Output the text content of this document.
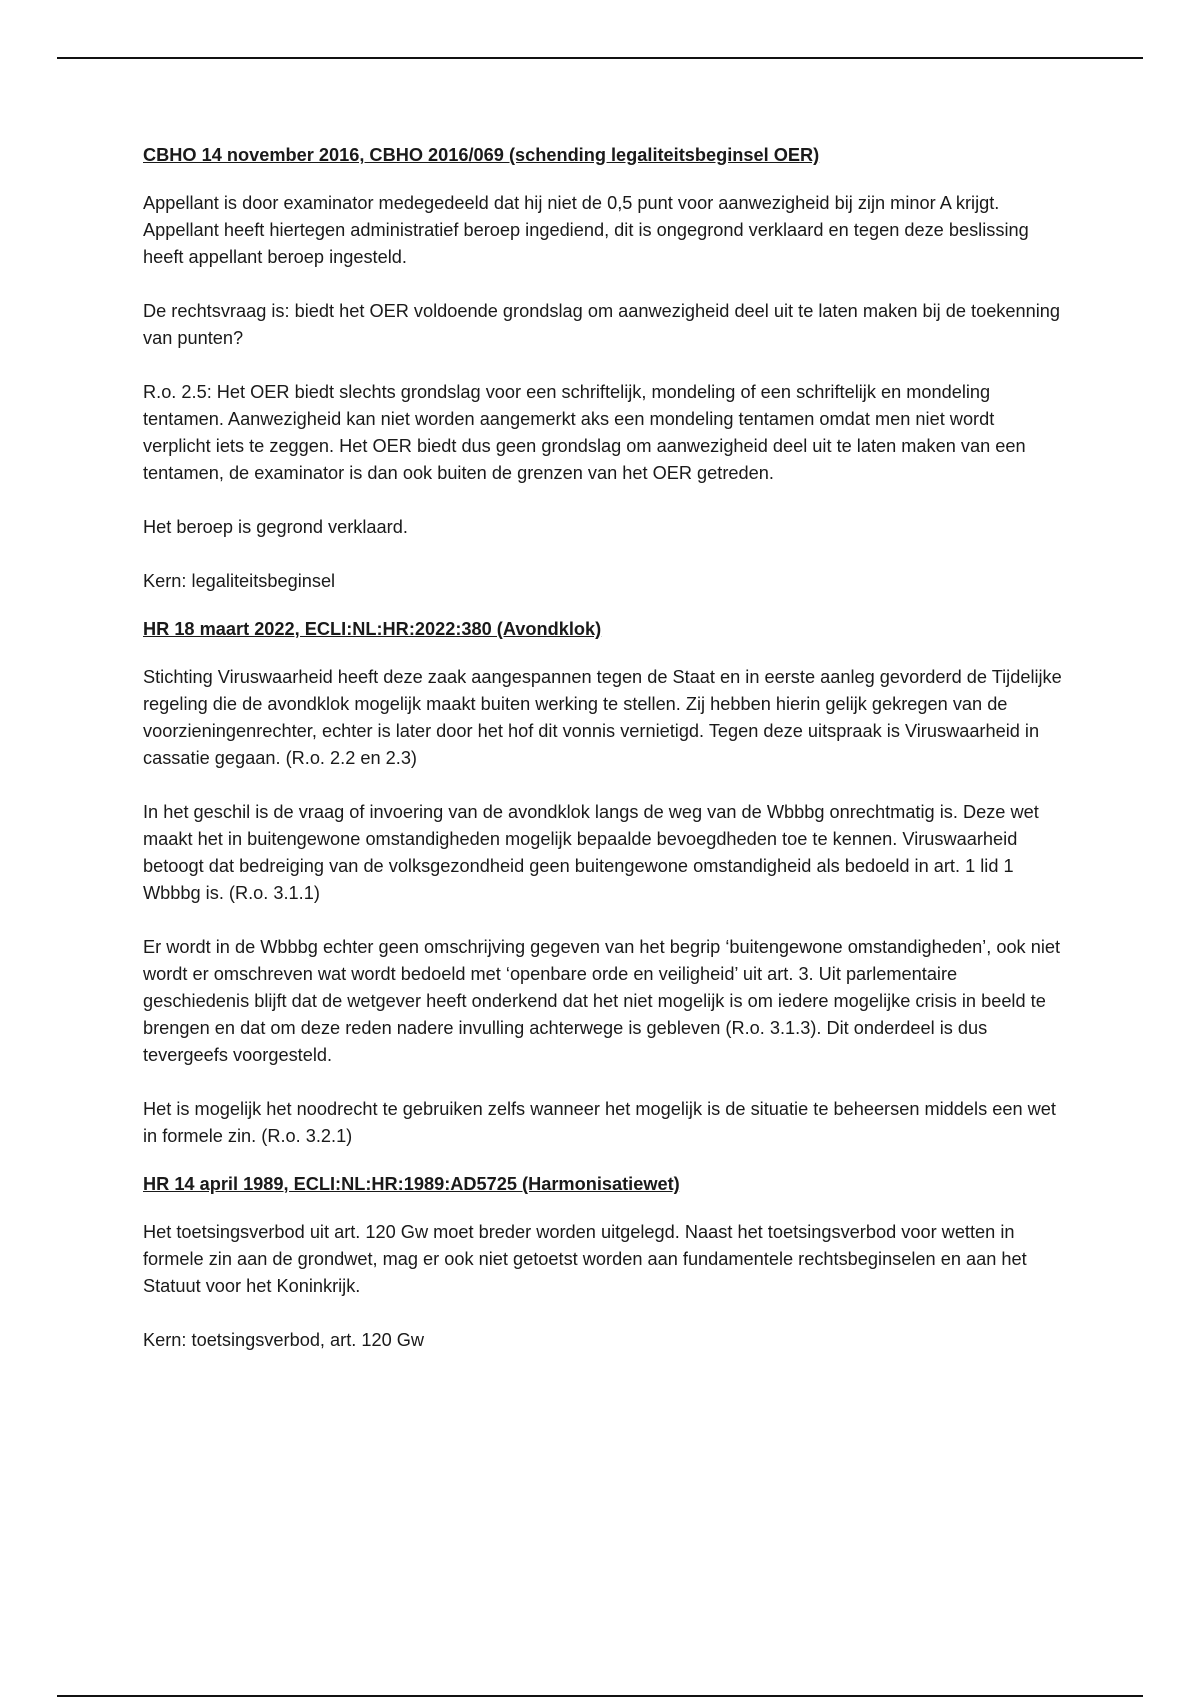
CBHO 14 november 2016, CBHO 2016/069 (schending legaliteitsbeginsel OER)

Appellant is door examinator medegedeeld dat hij niet de 0,5 punt voor aanwezigheid bij zijn minor A krijgt. Appellant heeft hiertegen administratief beroep ingediend, dit is ongegrond verklaard en tegen deze beslissing heeft appellant beroep ingesteld.

De rechtsvraag is: biedt het OER voldoende grondslag om aanwezigheid deel uit te laten maken bij de toekenning van punten?

R.o. 2.5: Het OER biedt slechts grondslag voor een schriftelijk, mondeling of een schriftelijk en mondeling tentamen. Aanwezigheid kan niet worden aangemerkt aks een mondeling tentamen omdat men niet wordt verplicht iets te zeggen. Het OER biedt dus geen grondslag om aanwezigheid deel uit te laten maken van een tentamen, de examinator is dan ook buiten de grenzen van het OER getreden.

Het beroep is gegrond verklaard.

Kern: legaliteitsbeginsel

HR 18 maart 2022, ECLI:NL:HR:2022:380 (Avondklok)

Stichting Viruswaarheid heeft deze zaak aangespannen tegen de Staat en in eerste aanleg gevorderd de Tijdelijke regeling die de avondklok mogelijk maakt buiten werking te stellen. Zij hebben hierin gelijk gekregen van de voorzieningenrechter, echter is later door het hof dit vonnis vernietigd. Tegen deze uitspraak is Viruswaarheid in cassatie gegaan. (R.o. 2.2 en 2.3)

In het geschil is de vraag of invoering van de avondklok langs de weg van de Wbbbg onrechtmatig is. Deze wet maakt het in buitengewone omstandigheden mogelijk bepaalde bevoegdheden toe te kennen. Viruswaarheid betoogt dat bedreiging van de volksgezondheid geen buitengewone omstandigheid als bedoeld in art. 1 lid 1 Wbbbg is. (R.o. 3.1.1)

Er wordt in de Wbbbg echter geen omschrijving gegeven van het begrip ‘buitengewone omstandigheden’, ook niet wordt er omschreven wat wordt bedoeld met ‘openbare orde en veiligheid’ uit art. 3. Uit parlementaire geschiedenis blijft dat de wetgever heeft onderkend dat het niet mogelijk is om iedere mogelijke crisis in beeld te brengen en dat om deze reden nadere invulling achterwege is gebleven (R.o. 3.1.3). Dit onderdeel is dus tevergeefs voorgesteld.

Het is mogelijk het noodrecht te gebruiken zelfs wanneer het mogelijk is de situatie te beheersen middels een wet in formele zin. (R.o. 3.2.1)

HR 14 april 1989, ECLI:NL:HR:1989:AD5725 (Harmonisatiewet)

Het toetsingsverbod uit art. 120 Gw moet breder worden uitgelegd. Naast het toetsingsverbod voor wetten in formele zin aan de grondwet, mag er ook niet getoetst worden aan fundamentele rechtsbeginselen en aan het Statuut voor het Koninkrijk.

Kern: toetsingsverbod, art. 120 Gw
